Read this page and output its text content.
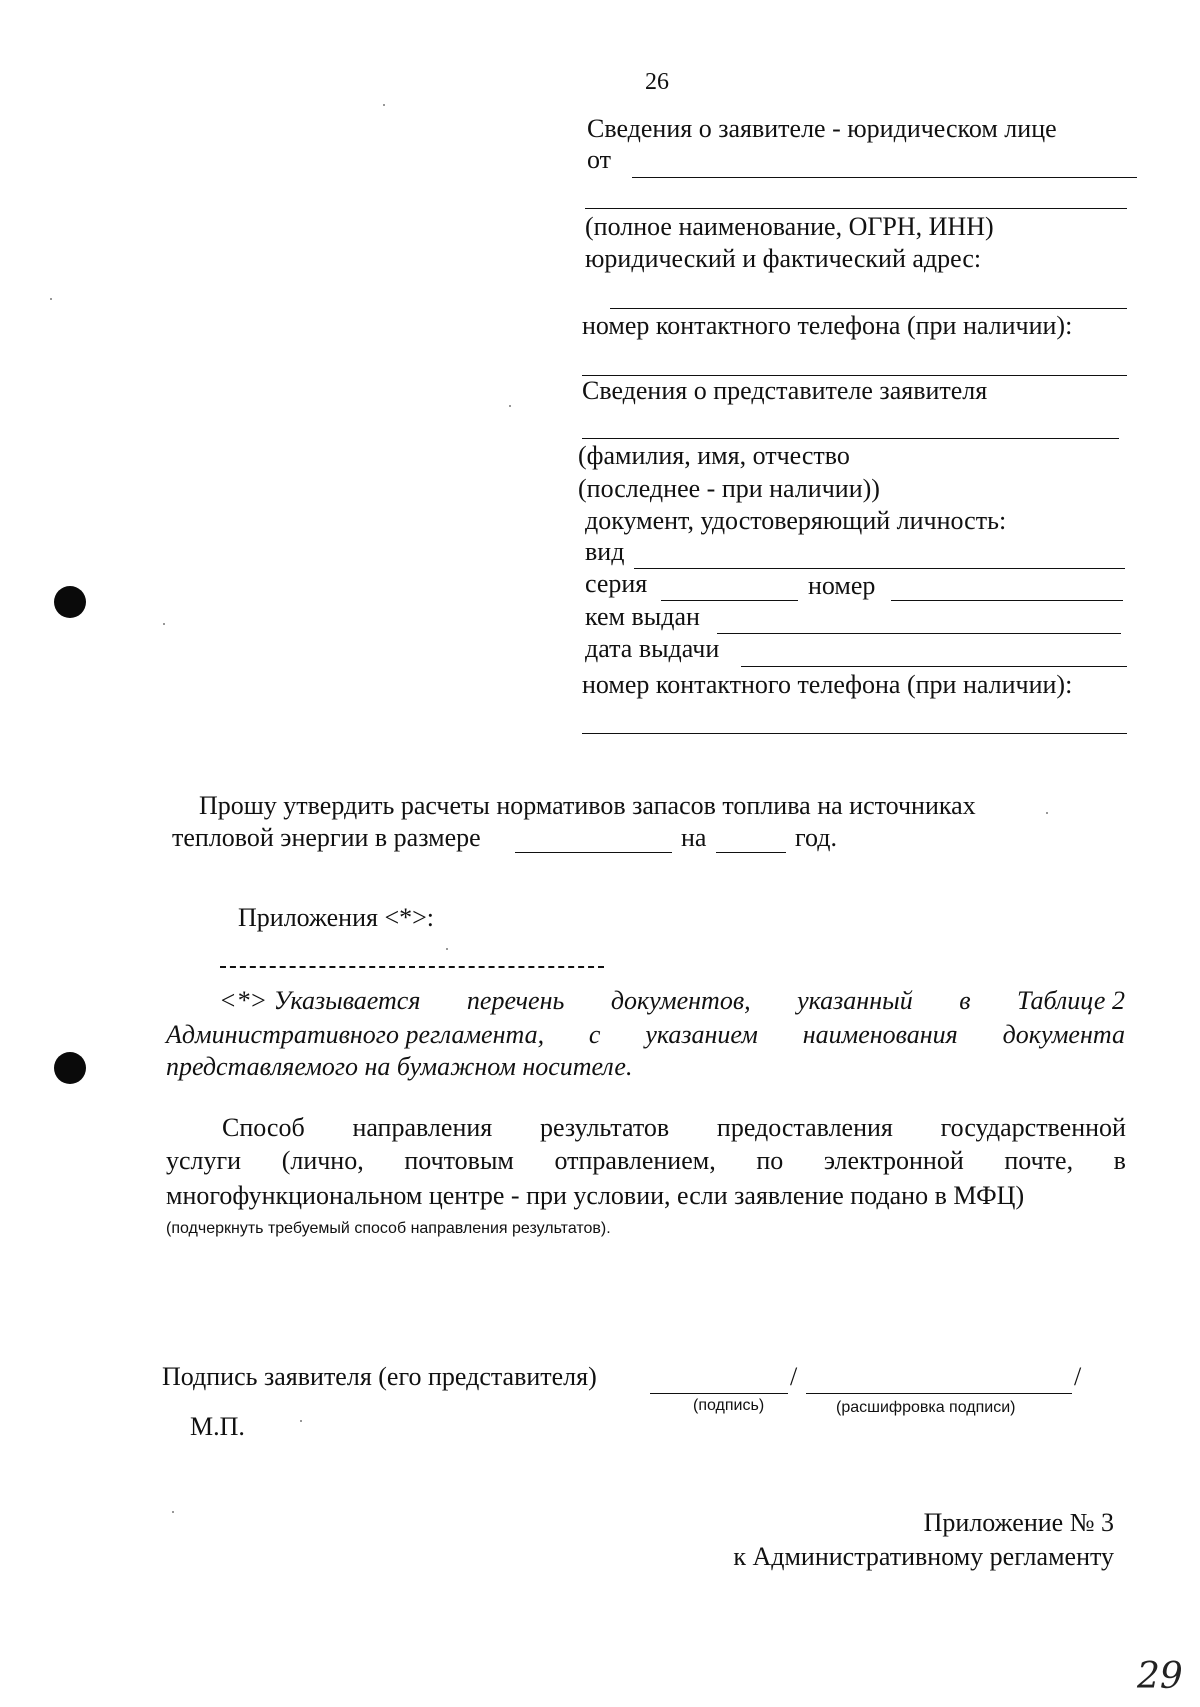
26
Сведения о заявителе - юридическом лице
от
(полное наименование, ОГРН, ИНН)
юридический и фактический адрес:
номер контактного телефона (при наличии):
Сведения о представителе заявителя
(фамилия, имя, отчество
(последнее - при наличии))
документ, удостоверяющий личность:
вид
серия	номер
кем выдан
дата выдачи
номер контактного телефона (при наличии):
Прошу утвердить расчеты нормативов запасов топлива на источниках
тепловой энергии в размере	на	год.
Приложения <*>:
<*> Указывается перечень документов, указанный в Таблице 2
Административного регламента, с указанием наименования документа
представляемого на бумажном носителе.
Способ направления результатов предоставления государственной
услуги (лично, почтовым отправлением, по электронной почте, в
многофункциональном центре - при условии, если заявление подано в МФЦ)
(подчеркнуть требуемый способ направления результатов).
Подпись заявителя (его представителя)	/	/
(подпись)	(расшифровка подписи)
М.П.
Приложение № 3
к Административному регламенту
29
